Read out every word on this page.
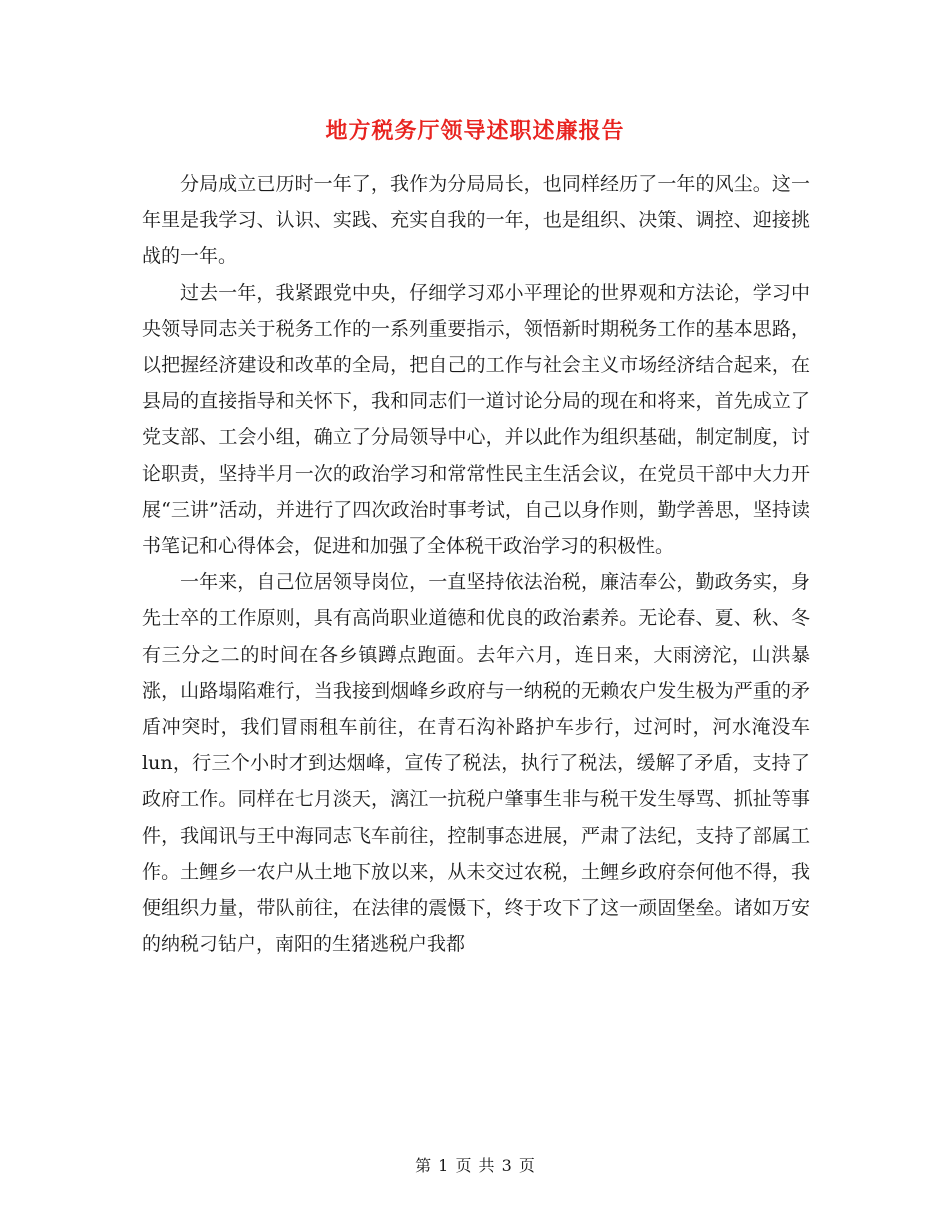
地方税务厅领导述职述廉报告

分局成立已历时一年了，我作为分局局长，也同样经历了一年的风尘。这一年里是我学习、认识、实践、充实自我的一年，也是组织、决策、调控、迎接挑战的一年。

过去一年，我紧跟党中央，仔细学习邓小平理论的世界观和方法论，学习中央领导同志关于税务工作的一系列重要指示，领悟新时期税务工作的基本思路，以把握经济建设和改革的全局，把自己的工作与社会主义市场经济结合起来，在县局的直接指导和关怀下，我和同志们一道讨论分局的现在和将来，首先成立了党支部、工会小组，确立了分局领导中心，并以此作为组织基础，制定制度，讨论职责，坚持半月一次的政治学习和常常性民主生活会议，在党员干部中大力开展“三讲”活动，并进行了四次政治时事考试，自己以身作则，勤学善思，坚持读书笔记和心得体会，促进和加强了全体税干政治学习的积极性。

一年来，自己位居领导岗位，一直坚持依法治税，廉洁奉公，勤政务实，身先士卒的工作原则，具有高尚职业道德和优良的政治素养。无论春、夏、秋、冬有三分之二的时间在各乡镇蹲点跑面。去年六月，连日来，大雨滂沱，山洪暴涨，山路塌陷难行，当我接到烟峰乡政府与一纳税的无赖农户发生极为严重的矛盾冲突时，我们冒雨租车前往，在青石沟补路护车步行，过河时，河水淹没车lun，行三个小时才到达烟峰，宣传了税法，执行了税法，缓解了矛盾，支持了政府工作。同样在七月淡天，漓江一抗税户肇事生非与税干发生辱骂、抓扯等事件，我闻讯与王中海同志飞车前往，控制事态进展，严肃了法纪，支持了部属工作。土鲤乡一农户从土地下放以来，从未交过农税，土鲤乡政府奈何他不得，我便组织力量，带队前往，在法律的震慑下，终于攻下了这一顽固堡垒。诸如万安的纳税刁钻户，南阳的生猪逃税户我都

第 1 页 共 3 页
